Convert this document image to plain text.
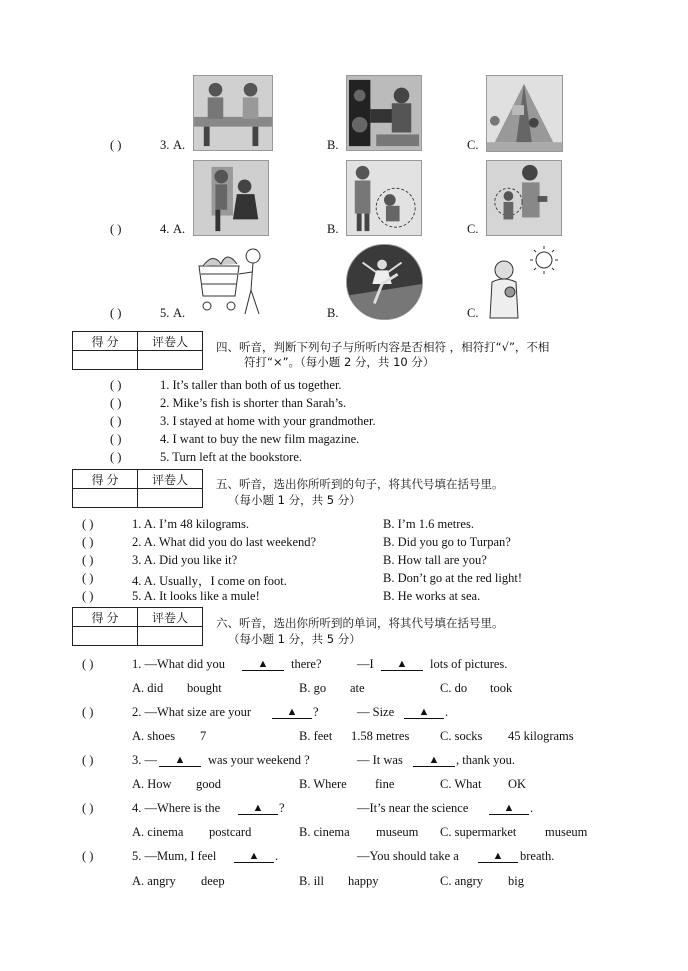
( )	3. A.	B.	C.
( )	4. A.	B.	C.
( )	5. A.	B.	C.
得 分	评卷人
	四、听音，判断下列句子与所听内容是否相符 ，相符打“√”，不相
符打“×”。（每小题 2 分，共 10 分）
( )	1. It’s taller than both of us together.
( )	2. Mike’s fish is shorter than Sarah’s.
( )	3. I stayed at home with your grandmother.
( )	4. I want to buy the new film magazine.
( )	5. Turn left at the bookstore.
得 分	评卷人
	五、听音，选出你所听到的句子，将其代号填在括号里。
（每小题 1 分，共 5 分）
( )	1. A. I’m 48 kilograms.	B. I’m 1.6 metres.
( )	2. A. What did you do last weekend?	B. Did you go to Turpan?
( )	3. A. Did you like it?	B. How tall are you?
( )	4. A. Usually，I come on foot.	B. Don’t go at the red light!
( )	5. A. It looks like a mule!	B. He works at sea.
得 分	评卷人
	六、听音，选出你所听到的单词，将其代号填在括号里。
（每小题 1 分，共 5 分）
( )	1. —What did you	▲	there?	—I	▲	lots of pictures.
A. did bought	B. go ate	C. do took
( )	2. —What size are your	▲	?	— Size	▲	.
A. shoes 7	B. feet 1.58 metres C. socks 45 kilograms
( )	3. —	▲	was your weekend ?	— It was	▲	, thank you.
A. How good	B. Where fine	C. What OK
( )	4. —Where is the	▲	?	—It’s near the science	▲	.
A. cinema postcard	B. cinema museum C. supermarket museum
( )	5. —Mum, I feel	▲	.	—You should take a	▲	breath.
A. angry deep	B. ill happy	C. angry big
